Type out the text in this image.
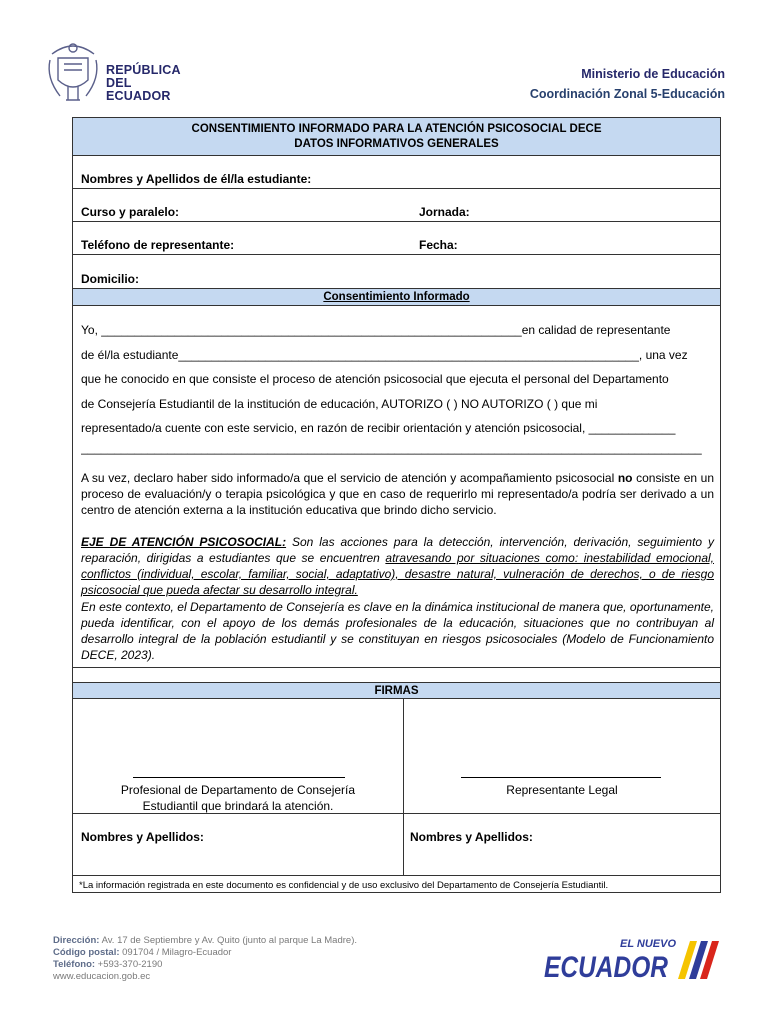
REPÚBLICA
DEL ECUADOR
Ministerio de Educación
Coordinación Zonal 5-Educación
CONSENTIMIENTO INFORMADO PARA LA ATENCIÓN PSICOSOCIAL DECE
DATOS INFORMATIVOS GENERALES
Nombres y Apellidos de él/la estudiante:
Curso y paralelo:	Jornada:
Teléfono de representante:	Fecha:
Domicilio:
Consentimiento Informado
Yo, _______________________________________________________________en calidad de representante
de él/la estudiante_____________________________________________________________________, una vez
que he conocido en que consiste el proceso de atención psicosocial que ejecuta el personal del Departamento
de Consejería Estudiantil de la institución de educación, AUTORIZO ( ) NO AUTORIZO ( ) que mi
representado/a cuente con este servicio, en razón de recibir orientación y atención psicosocial, _____________
_____________________________________________________________________________________________
A su vez, declaro haber sido informado/a que el servicio de atención y acompañamiento psicosocial no consiste en un proceso de evaluación/y o terapia psicológica y que en caso de requerirlo mi representado/a podría ser derivado a un centro de atención externa a la institución educativa que brindo dicho servicio.
EJE DE ATENCIÓN PSICOSOCIAL: Son las acciones para la detección, intervención, derivación, seguimiento y reparación, dirigidas a estudiantes que se encuentren atravesando por situaciones como: inestabilidad emocional, conflictos (individual, escolar, familiar, social, adaptativo), desastre natural, vulneración de derechos, o de riesgo psicosocial que pueda afectar su desarrollo integral.
En este contexto, el Departamento de Consejería es clave en la dinámica institucional de manera que, oportunamente, pueda identificar, con el apoyo de los demás profesionales de la educación, situaciones que no contribuyan al desarrollo integral de la población estudiantil y se constituyan en riesgos psicosociales (Modelo de Funcionamiento DECE, 2023).
FIRMAS
Profesional de Departamento de Consejería
Estudiantil que brindará la atención.
Representante Legal
Nombres y Apellidos:	Nombres y Apellidos:
*La información registrada en este documento es confidencial y de uso exclusivo del Departamento de Consejería Estudiantil.
Dirección: Av. 17 de Septiembre y Av. Quito (junto al parque La Madre).
Código postal: 091704 / Milagro-Ecuador
Teléfono: +593-370-2190
www.educacion.gob.ec
EL NUEVO
ECUADOR
